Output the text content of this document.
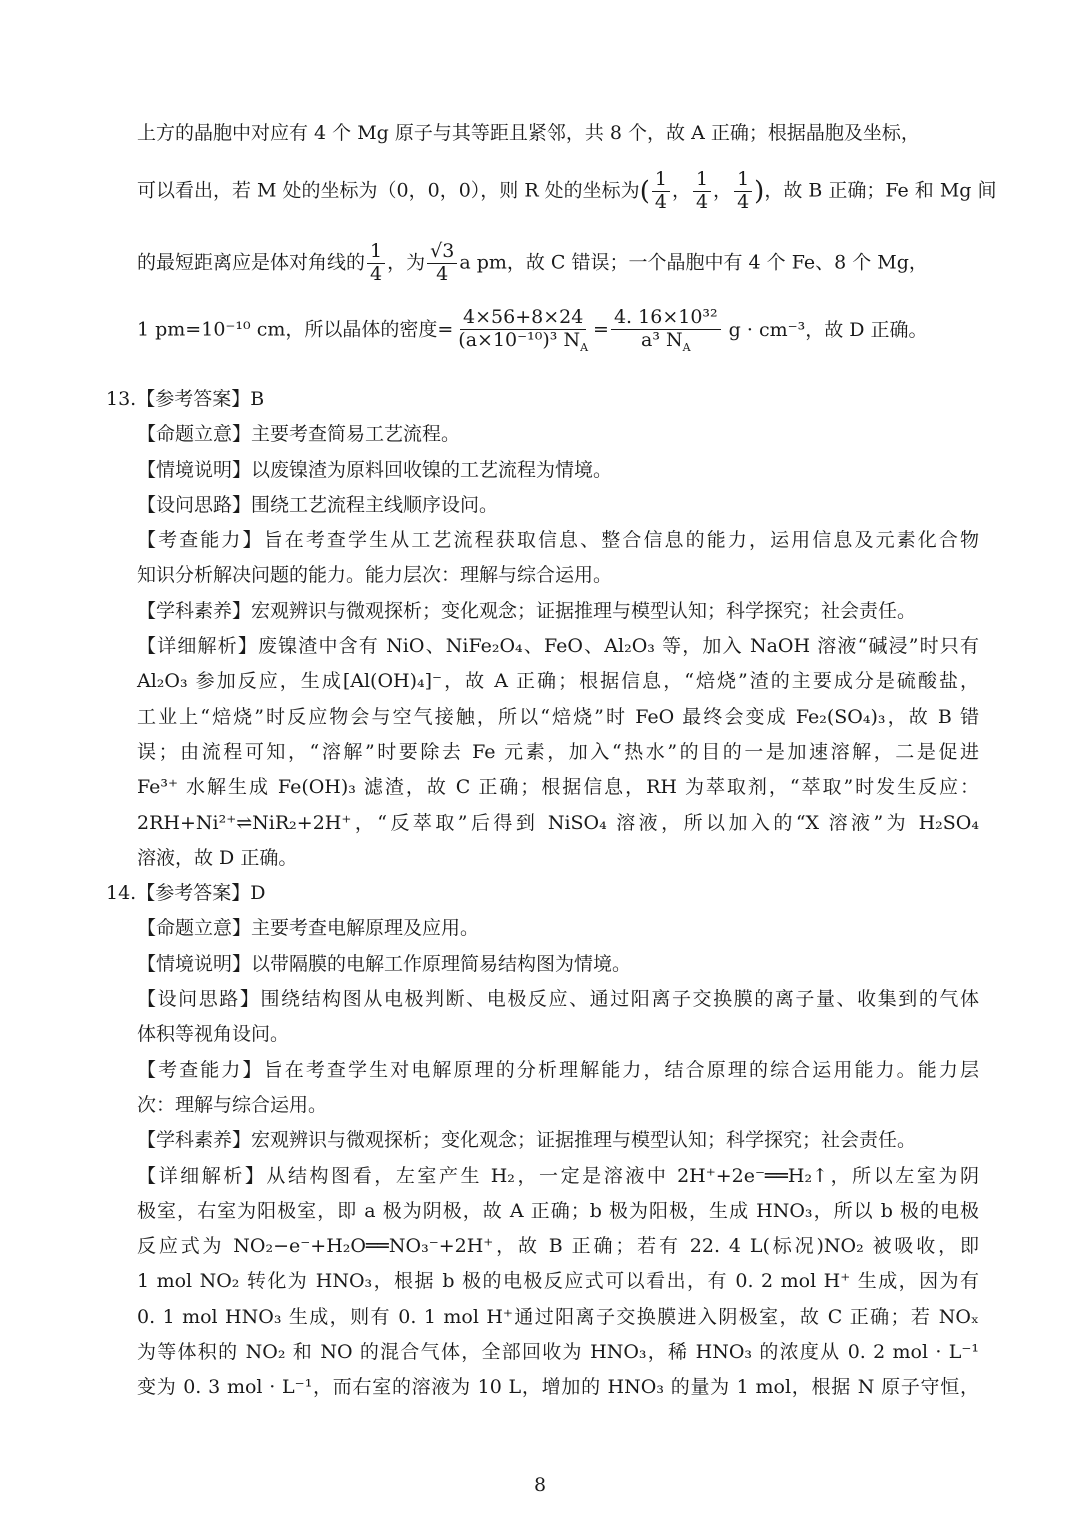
上方的晶胞中对应有 4 个 Mg 原子与其等距且紧邻，共 8 个，故 A 正确；根据晶胞及坐标，
可以看出，若 M 处的坐标为（0，0，0），则 R 处的坐标为( $\frac{1}{4}$ ， $\frac{1}{4}$ ， $\frac{1}{4}$ )，故 B 正确；Fe 和 Mg 间
的最短距离应是体对角线的 $\frac{1}{4}$ ，为 $\frac{√3}{4}$ a pm，故 C 错误；一个晶胞中有 4 个 Fe、8 个 Mg，
1 pm=10⁻¹⁰ cm，所以晶体的密度= $\frac{4\times 56+8\times 24}{(a\times 10^{-10})^3 N_A} = \frac{\text{4. 16×10³²}}{a^3 N_A}$ g · cm⁻³，故 D 正确。
13.【参考答案】B
【命题立意】主要考查简易工艺流程。
【情境说明】以废镍渣为原料回收镍的工艺流程为情境。
【设问思路】围绕工艺流程主线顺序设问。
【考查能力】旨在考查学生从工艺流程获取信息、整合信息的能力，运用信息及元素化合物
知识分析解决问题的能力。能力层次：理解与综合运用。
【学科素养】宏观辨识与微观探析；变化观念；证据推理与模型认知；科学探究；社会责任。
【详细解析】废镍渣中含有 NiO、NiFe₂O₄、FeO、Al₂O₃ 等，加入 NaOH 溶液“碱浸”时只有
Al₂O₃ 参加反应，生成[Al(OH)₄]⁻，故 A 正确；根据信息，“焙烧”渣的主要成分是硫酸盐，
工业上“焙烧”时反应物会与空气接触，所以“焙烧”时 FeO 最终会变成 Fe₂(SO₄)₃，故 B 错
误；由流程可知，“溶解”时要除去 Fe 元素，加入“热水”的目的一是加速溶解，二是促进
Fe³⁺ 水解生成 Fe(OH)₃ 滤渣，故 C 正确；根据信息，RH 为萃取剂，“萃取”时发生反应：
2RH+Ni²⁺⇌NiR₂+2H⁺，“反萃取”后得到 NiSO₄ 溶液，所以加入的“X 溶液”为 H₂SO₄
溶液，故 D 正确。
14.【参考答案】D
【命题立意】主要考查电解原理及应用。
【情境说明】以带隔膜的电解工作原理简易结构图为情境。
【设问思路】围绕结构图从电极判断、电极反应、通过阳离子交换膜的离子量、收集到的气体
体积等视角设问。
【考查能力】旨在考查学生对电解原理的分析理解能力，结合原理的综合运用能力。能力层
次：理解与综合运用。
【学科素养】宏观辨识与微观探析；变化观念；证据推理与模型认知；科学探究；社会责任。
【详细解析】从结构图看，左室产生 H₂，一定是溶液中 2H⁺+2e⁻══H₂↑，所以左室为阴
极室，右室为阳极室，即 a 极为阴极，故 A 正确；b 极为阳极，生成 HNO₃，所以 b 极的电极
反应式为 NO₂−e⁻+H₂O══NO₃⁻+2H⁺，故 B 正确；若有 22. 4 L(标况)NO₂ 被吸收，即
1 mol NO₂ 转化为 HNO₃，根据 b 极的电极反应式可以看出，有 0. 2 mol H⁺ 生成，因为有
0. 1 mol HNO₃ 生成，则有 0. 1 mol H⁺通过阳离子交换膜进入阴极室，故 C 正确；若 NOₓ
为等体积的 NO₂ 和 NO 的混合气体，全部回收为 HNO₃，稀 HNO₃ 的浓度从 0. 2 mol · L⁻¹
变为 0. 3 mol · L⁻¹，而右室的溶液为 10 L，增加的 HNO₃ 的量为 1 mol，根据 N 原子守恒，
8
